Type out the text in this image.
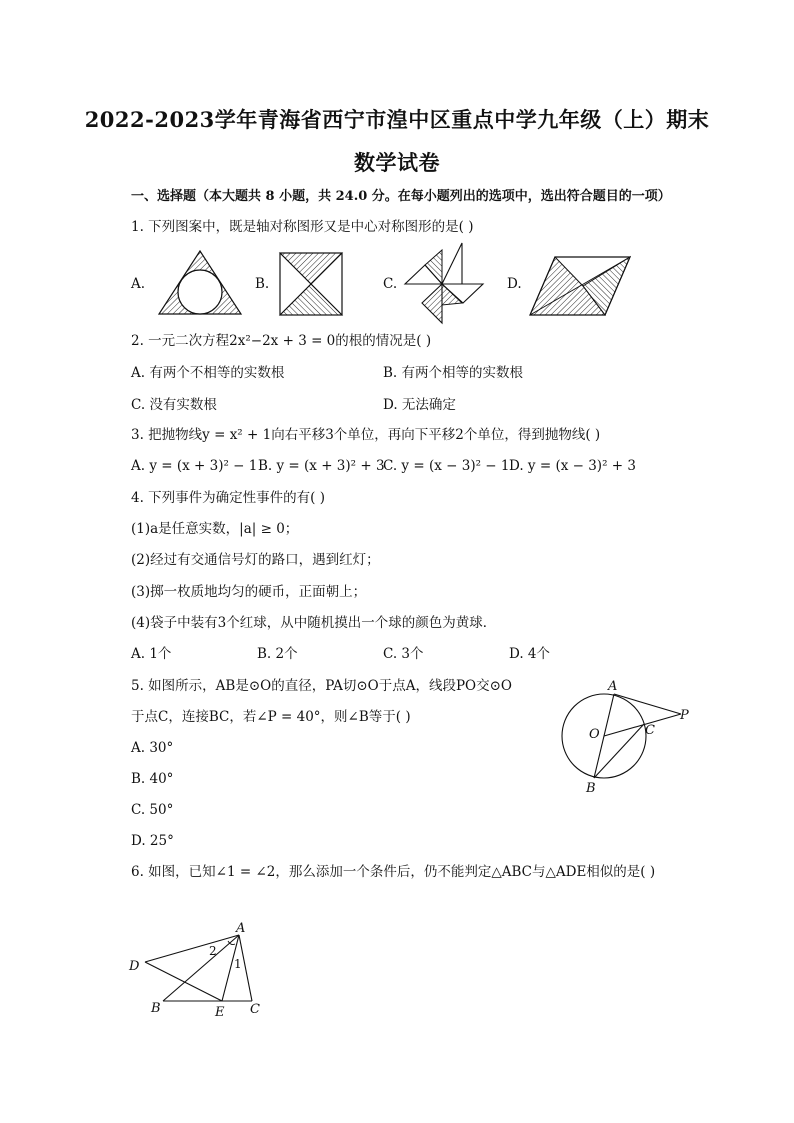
2022-2023学年青海省西宁市湟中区重点中学九年级（上）期末
数学试卷
一、选择题（本大题共 8 小题，共 24.0 分。在每小题列出的选项中，选出符合题目的一项）
1. 下列图案中，既是轴对称图形又是中心对称图形的是( )
A.	B.	C.	D.
2. 一元二次方程2x²−2x + 3 = 0的根的情况是( )
A. 有两个不相等的实数根	B. 有两个相等的实数根
C. 没有实数根	D. 无法确定
3. 把抛物线y = x² + 1向右平移3个单位，再向下平移2个单位，得到抛物线( )
A. y = (x + 3)² − 1 B. y = (x + 3)² + 3
C. y = (x − 3)² − 1 D. y = (x − 3)² + 3
4. 下列事件为确定性事件的有( )
(1)a是任意实数，|a| ≥ 0；
(2)经过有交通信号灯的路口，遇到红灯；
(3)掷一枚质地均匀的硬币，正面朝上；
(4)袋子中装有3个红球，从中随机摸出一个球的颜色为黄球．
A. 1个	B. 2个	C. 3个	D. 4个
5. 如图所示，AB是⊙O的直径，PA切⊙O于点A，线段PO交⊙O
于点C，连接BC，若∠P = 40°，则∠B等于( )
A. 30°
B. 40°
C. 50°
D. 25°
A
B
O	C
P
6. 如图，已知∠1 = ∠2，那么添加一个条件后，仍不能判定△ABC与△ADE相似的是( )
A
D
B	E C
1
2
